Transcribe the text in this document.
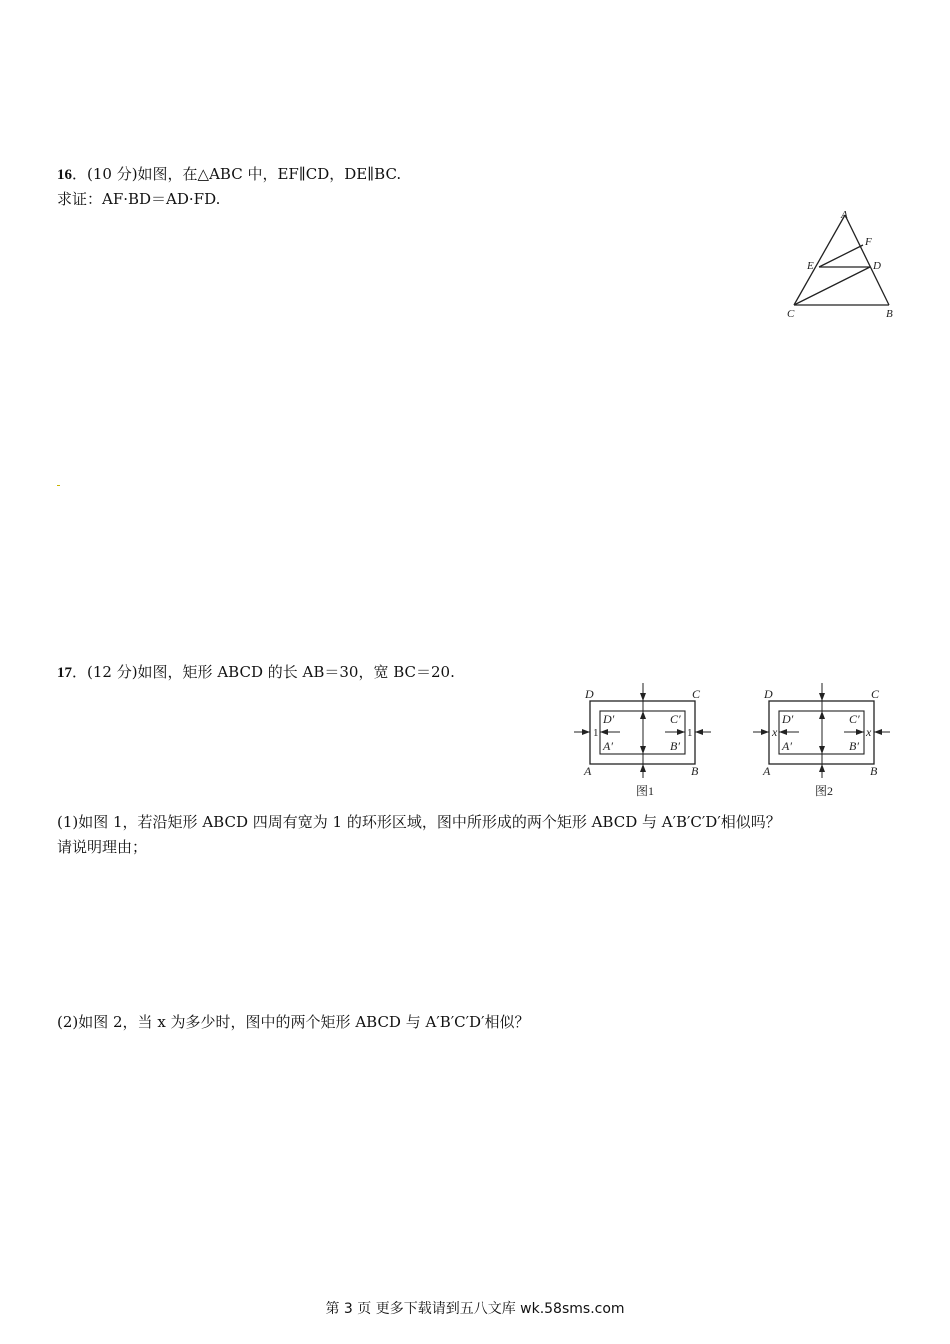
16．(10 分)如图，在△ABC 中，EF∥CD，DE∥BC.
求证：AF·BD＝AD·FD.
A
F
E	D
C	B
17．(12 分)如图，矩形 ABCD 的长 AB＝30，宽 BC＝20.
D	C
A	B
D′	C′
A′	B′
1	1
图1
D	C
A	B
D′	C′
A′	B′
x	x
图2
(1)如图 1，若沿矩形 ABCD 四周有宽为 1 的环形区域，图中所形成的两个矩形 ABCD 与 A′B′C′D′相似吗？
请说明理由；
(2)如图 2，当 x 为多少时，图中的两个矩形 ABCD 与 A′B′C′D′相似？
第 3 页 更多下载请到五八文库 wk.58sms.com
